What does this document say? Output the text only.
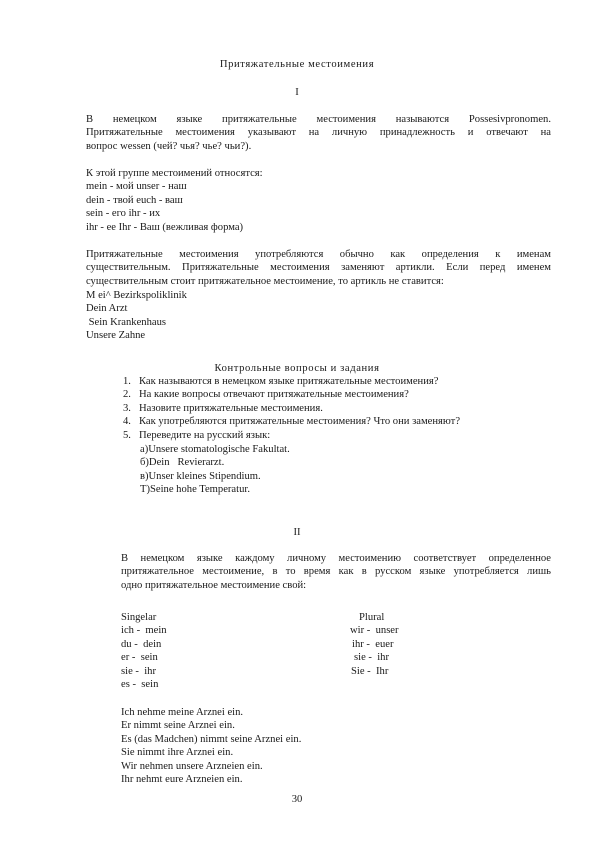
Притяжательные местоимения
I
В немецком языке притяжательные местоимения называются Possesivpronomen.
Притяжательные местоимения указывают на личную принадлежность и отвечают на
вопрос wessen (чей? чья? чье? чьи?).
К этой группе местоимений относятся:
mein - мой unser - наш
dein - твой euch - ваш
sein - его ihr - их
ihr - ее Ihr - Ваш (вежливая форма)
Притяжательные местоимения употребляются обычно как определения к именам
существительным. Притяжательные местоимения заменяют артикли. Если перед именем
существительным стоит притяжательное местоимение, то артикль не ставится:
M ei^ Bezirkspoliklinik
Dein Arzt
Sein Krankenhaus
Unsere Zahne
Контрольные вопросы и задания
1. Как называются в немецком языке притяжательные местоимения?
2. На какие вопросы отвечают притяжательные местоимения?
3. Назовите притяжательные местоимения.
4. Как употребляются притяжательные местоимения? Что они заменяют?
5. Переведите на русский язык:
а)Unsere stomatologische Fakultat.
б)Dein   Revierarzt.
в)Unser kleines Stipendium.
T)Seine hohe Temperatur.
II
В немецком языке каждому личному местоимению соответствует определенное
притяжательное местоимение, в то время как в русском языке употребляется лишь
одно притяжательное местоимение свой:
Singelar
ich -  mein
du -  dein
er -  sein
sie -  ihr
es -  sein
Plural
wir -  unser
ihr -  euer
sie -  ihr
Sie -  Ihr
Ich nehme meine Arznei ein.
Er nimmt seine Arznei ein.
Es (das Madchen) nimmt seine Arznei ein.
Sie nimmt ihre Arznei ein.
Wir nehmen unsere Arzneien ein.
Ihr nehmt eure Arzneien ein.
30
